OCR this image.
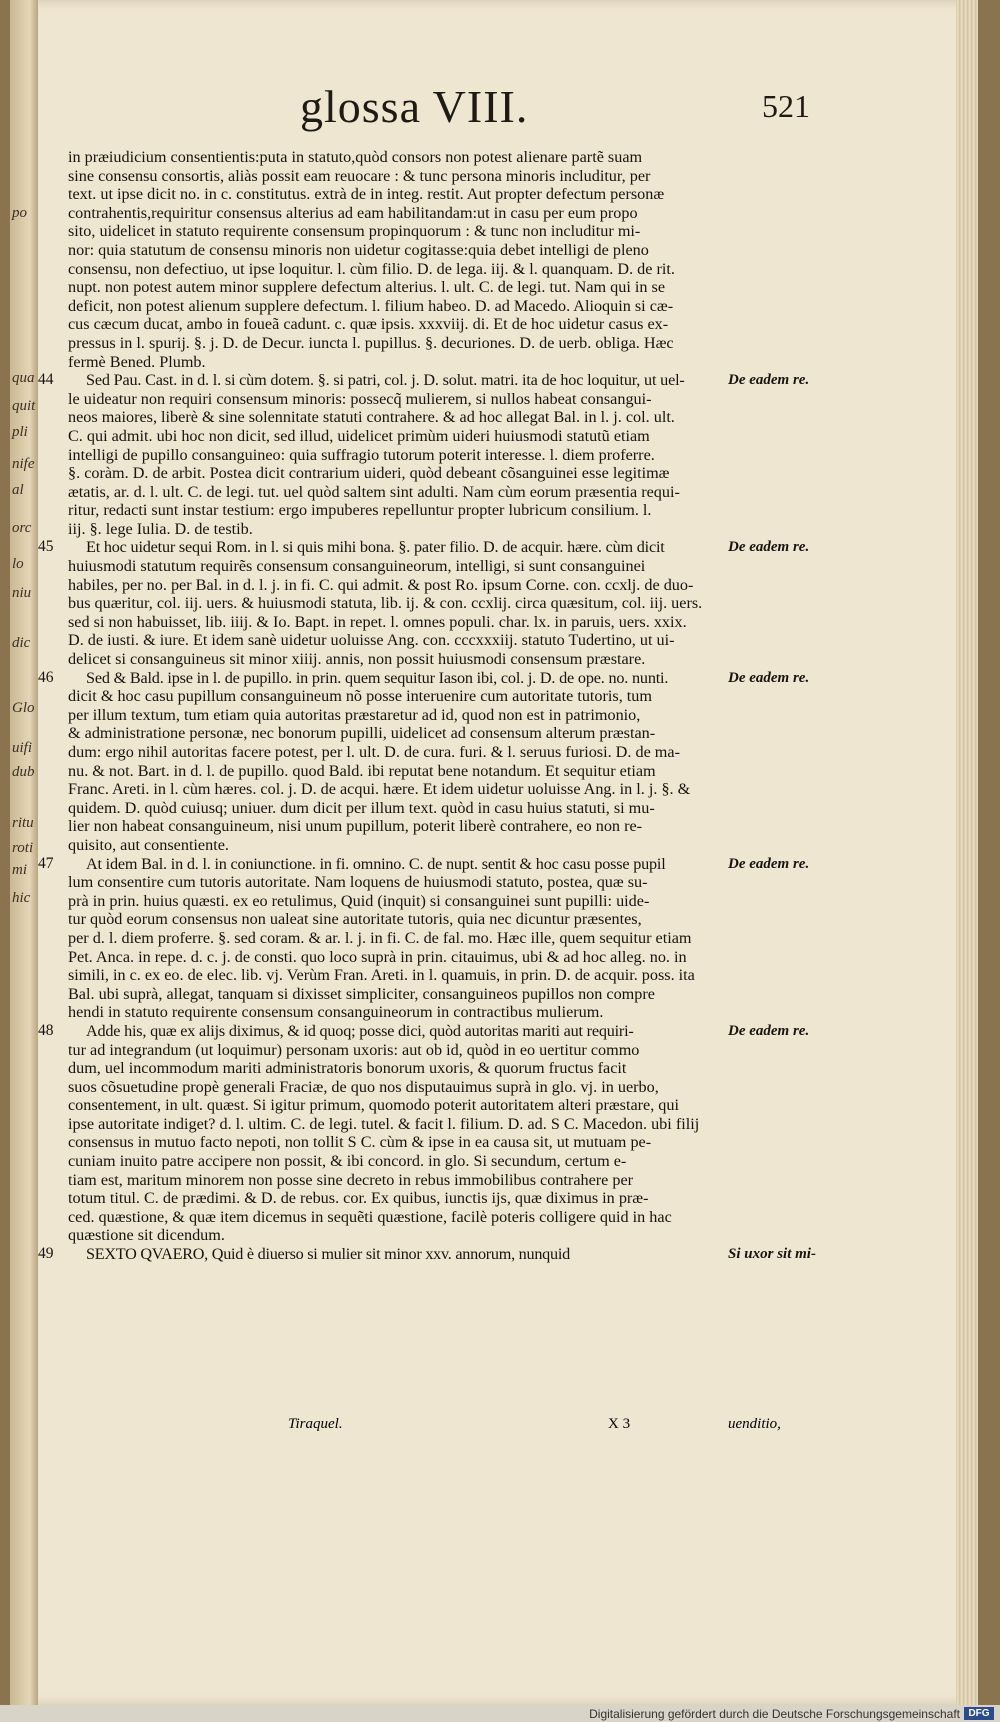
po
qua
quit
pli
nife
al
orc
lo
niu
dic
Glo
uifi
dub
ritu
roti
mi
hic
glossa VIII.	521
in præiudicium consentientis:puta in statuto,quòd consors non potest alienare partẽ suam
sine consensu consortis, aliàs possit eam reuocare : & tunc persona minoris includitur, per
text. ut ipse dicit no. in c. constitutus. extrà de in integ. restit. Aut propter defectum personæ
contrahentis,requiritur consensus alterius ad eam habilitandam:ut in casu per eum propo
sito, uidelicet in statuto requirente consensum propinquorum : & tunc non includitur mi-
nor: quia statutum de consensu minoris non uidetur cogitasse:quia debet intelligi de pleno
consensu, non defectiuo, ut ipse loquitur. l. cùm filio. D. de lega. iij. & l. quanquam. D. de rit.
nupt. non potest autem minor supplere defectum alterius. l. ult. C. de legi. tut. Nam qui in se
deficit, non potest alienum supplere defectum. l. filium habeo. D. ad Macedo. Alioquin si cæ-
cus cæcum ducat, ambo in foueã cadunt. c. quæ ipsis. xxxviij. di. Et de hoc uidetur casus ex-
pressus in l. spurij. §. j. D. de Decur. iuncta l. pupillus. §. decuriones. D. de uerb. obliga. Hæc
fermè Bened. Plumb.
44	De eadem re.
Sed Pau. Cast. in d. l. si cùm dotem. §. si patri, col. j. D. solut. matri. ita de hoc loquitur, ut uel-
le uideatur non requiri consensum minoris: possecq̃ mulierem, si nullos habeat consangui-
neos maiores, liberè & sine solennitate statuti contrahere. & ad hoc allegat Bal. in l. j. col. ult.
C. qui admit. ubi hoc non dicit, sed illud, uidelicet primùm uideri huiusmodi statutũ etiam
intelligi de pupillo consanguineo: quia suffragio tutorum poterit interesse. l. diem proferre.
§. coràm. D. de arbit. Postea dicit contrarium uideri, quòd debeant cõsanguinei esse legitimæ
ætatis, ar. d. l. ult. C. de legi. tut. uel quòd saltem sint adulti. Nam cùm eorum præsentia requi-
ritur, redacti sunt instar testium: ergo impuberes repelluntur propter lubricum consilium. l.
iij. §. lege Iulia. D. de testib.
45	De eadem re.
Et hoc uidetur sequi Rom. in l. si quis mihi bona. §. pater filio. D. de acquir. hære. cùm dicit
huiusmodi statutum requirẽs consensum consanguineorum, intelligi, si sunt consanguinei
habiles, per no. per Bal. in d. l. j. in fi. C. qui admit. & post Ro. ipsum Corne. con. ccxlj. de duo-
bus quæritur, col. iij. uers. & huiusmodi statuta, lib. ij. & con. ccxlij. circa quæsitum, col. iij. uers.
sed si non habuisset, lib. iiij. & Io. Bapt. in repet. l. omnes populi. char. lx. in paruis, uers. xxix.
D. de iusti. & iure. Et idem sanè uidetur uoluisse Ang. con. cccxxxiij. statuto Tudertino, ut ui-
delicet si consanguineus sit minor xiiij. annis, non possit huiusmodi consensum præstare.
46	De eadem re.
Sed & Bald. ipse in l. de pupillo. in prin. quem sequitur Iason ibi, col. j. D. de ope. no. nunti.
dicit & hoc casu pupillum consanguineum nõ posse interuenire cum autoritate tutoris, tum
per illum textum, tum etiam quia autoritas præstaretur ad id, quod non est in patrimonio,
& administratione personæ, nec bonorum pupilli, uidelicet ad consensum alterum præstan-
dum: ergo nihil autoritas facere potest, per l. ult. D. de cura. furi. & l. seruus furiosi. D. de ma-
nu. & not. Bart. in d. l. de pupillo. quod Bald. ibi reputat bene notandum. Et sequitur etiam
Franc. Areti. in l. cùm hæres. col. j. D. de acqui. hære. Et idem uidetur uoluisse Ang. in l. j. §. &
quidem. D. quòd cuiusq; uniuer. dum dicit per illum text. quòd in casu huius statuti, si mu-
lier non habeat consanguineum, nisi unum pupillum, poterit liberè contrahere, eo non re-
quisito, aut consentiente.
47	De eadem re.
At idem Bal. in d. l. in coniunctione. in fi. omnino. C. de nupt. sentit & hoc casu posse pupil
lum consentire cum tutoris autoritate. Nam loquens de huiusmodi statuto, postea, quæ su-
prà in prin. huius quæsti. ex eo retulimus, Quid (inquit) si consanguinei sunt pupilli: uide-
tur quòd eorum consensus non ualeat sine autoritate tutoris, quia nec dicuntur præsentes,
per d. l. diem proferre. §. sed coram. & ar. l. j. in fi. C. de fal. mo. Hæc ille, quem sequitur etiam
Pet. Anca. in repe. d. c. j. de consti. quo loco suprà in prin. citauimus, ubi & ad hoc alleg. no. in
simili, in c. ex eo. de elec. lib. vj. Verùm Fran. Areti. in l. quamuis, in prin. D. de acquir. poss. ita
Bal. ubi suprà, allegat, tanquam si dixisset simpliciter, consanguineos pupillos non compre
hendi in statuto requirente consensum consanguineorum in contractibus mulierum.
48	De eadem re.
Adde his, quæ ex alijs diximus, & id quoq; posse dici, quòd autoritas mariti aut requiri-
tur ad integrandum (ut loquimur) personam uxoris: aut ob id, quòd in eo uertitur commo
dum, uel incommodum mariti administratoris bonorum uxoris, & quorum fructus facit
suos cõsuetudine propè generali Fraciæ, de quo nos disputauimus suprà in glo. vj. in uerbo,
consentement, in ult. quæst. Si igitur primum, quomodo poterit autoritatem alteri præstare, qui
ipse autoritate indiget? d. l. ultim. C. de legi. tutel. & facit l. filium. D. ad. S C. Macedon. ubi filij
consensus in mutuo facto nepoti, non tollit S C. cùm & ipse in ea causa sit, ut mutuam pe-
cuniam inuito patre accipere non possit, & ibi concord. in glo. Si secundum, certum e-
tiam est, maritum minorem non posse sine decreto in rebus immobilibus contrahere per
totum titul. C. de prædimi. & D. de rebus. cor. Ex quibus, iunctis ijs, quæ diximus in præ-
ced. quæstione, & quæ item dicemus in sequẽti quæstione, facilè poteris colligere quid in hac
quæstione sit dicendum.
49	Si uxor sit mi-
SEXTO QVAERO, Quid è diuerso si mulier sit minor xxv. annorum, nunquid
Tiraquel.	X 3	uenditio,
Digitalisierung gefördert durch die Deutsche Forschungsgemeinschaft DFG
